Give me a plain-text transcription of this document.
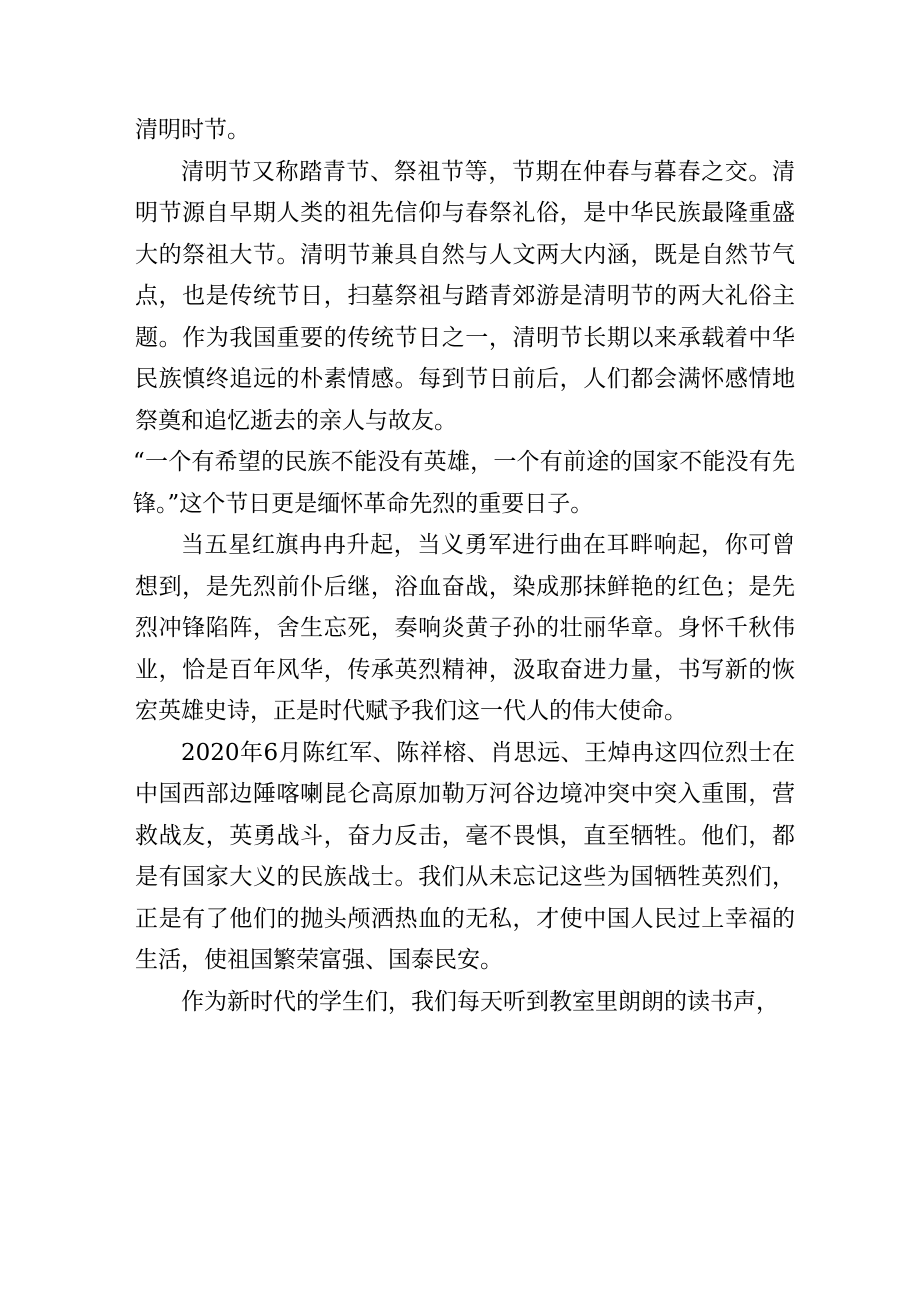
清明时节。

清明节又称踏青节、祭祖节等，节期在仲春与暮春之交。清明节源自早期人类的祖先信仰与春祭礼俗，是中华民族最隆重盛大的祭祖大节。清明节兼具自然与人文两大内涵，既是自然节气点，也是传统节日，扫墓祭祖与踏青郊游是清明节的两大礼俗主题。作为我国重要的传统节日之一，清明节长期以来承载着中华民族慎终追远的朴素情感。每到节日前后，人们都会满怀感情地祭奠和追忆逝去的亲人与故友。

“一个有希望的民族不能没有英雄，一个有前途的国家不能没有先锋。”这个节日更是缅怀革命先烈的重要日子。

当五星红旗冉冉升起，当义勇军进行曲在耳畔响起，你可曾想到，是先烈前仆后继，浴血奋战，染成那抹鲜艳的红色；是先烈冲锋陷阵，舍生忘死，奏响炎黄子孙的壮丽华章。身怀千秋伟业，恰是百年风华，传承英烈精神，汲取奋进力量，书写新的恢宏英雄史诗，正是时代赋予我们这一代人的伟大使命。

2020年6月陈红军、陈祥榕、肖思远、王焯冉这四位烈士在中国西部边陲喀喇昆仑高原加勒万河谷边境冲突中突入重围，营救战友，英勇战斗，奋力反击，毫不畏惧，直至牺牲。他们，都是有国家大义的民族战士。我们从未忘记这些为国牺牲英烈们，正是有了他们的抛头颅洒热血的无私，才使中国人民过上幸福的生活，使祖国繁荣富强、国泰民安。

作为新时代的学生们，我们每天听到教室里朗朗的读书声，
